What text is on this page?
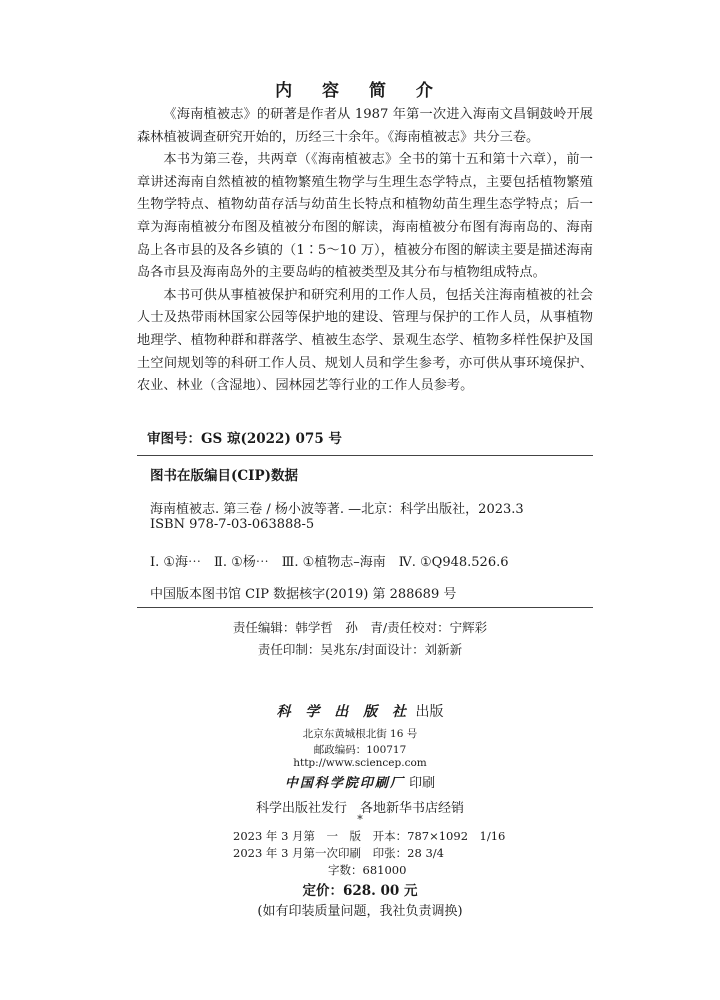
内 容 简 介

《海南植被志》的研著是作者从 1987 年第一次进入海南文昌铜鼓岭开展森林植被调查研究开始的，历经三十余年。《海南植被志》共分三卷。

本书为第三卷，共两章（《海南植被志》全书的第十五和第十六章），前一章讲述海南自然植被的植物繁殖生物学与生理生态学特点，主要包括植物繁殖生物学特点、植物幼苗存活与幼苗生长特点和植物幼苗生理生态学特点；后一章为海南植被分布图及植被分布图的解读，海南植被分布图有海南岛的、海南岛上各市县的及各乡镇的（1∶5～10 万），植被分布图的解读主要是描述海南岛各市县及海南岛外的主要岛屿的植被类型及其分布与植物组成特点。

本书可供从事植被保护和研究利用的工作人员，包括关注海南植被的社会人士及热带雨林国家公园等保护地的建设、管理与保护的工作人员，从事植物地理学、植物种群和群落学、植被生态学、景观生态学、植物多样性保护及国土空间规划等的科研工作人员、规划人员和学生参考，亦可供从事环境保护、农业、林业（含湿地）、园林园艺等行业的工作人员参考。

审图号：GS 琼(2022) 075 号
图书在版编目(CIP)数据
海南植被志. 第三卷 / 杨小波等著. —北京：科学出版社，2023.3
ISBN 978-7-03-063888-5
Ⅰ. ①海⋯　Ⅱ. ①杨⋯　Ⅲ. ①植物志–海南　Ⅳ. ①Q948.526.6
中国版本图书馆 CIP 数据核字(2019) 第 288689 号
责任编辑：韩学哲　孙　青/责任校对：宁辉彩
责任印制：吴兆东/封面设计：刘新新
科 学 出 版 社 出版
北京东黄城根北街 16 号
邮政编码：100717
http://www.sciencep.com
中国科学院印刷厂 印刷
科学出版社发行　各地新华书店经销
*
2023 年 3 月第　一　版 开本：787×1092　1/16
2023 年 3 月第一次印刷 印张：28 3/4
字数：681000
定价：628. 00 元
(如有印装质量问题，我社负责调换)
